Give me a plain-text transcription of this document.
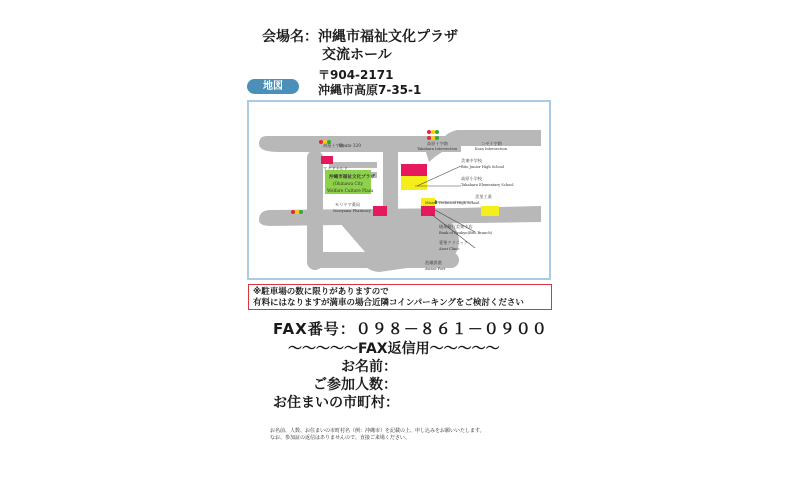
会場名： 沖縄市福祉文化プラザ
交流ホール
〒904-2171
地図	沖縄市高原7-35-1
胡屋十字路
Route 329	高原十字路
Takahara Intersection
コザ十字路
Koza Intersection
マクドナルド
沖縄市福祉文化プラザ
(Okinawa City
Welfare Culture Plaza
美東中学校
Bito Junior High School
高原小学校
Takahara Elementary School
モリヤマ薬局
Moriyama Pharmacy
美里工業
Misato Technical High School
琉球銀行美東支店
Bank of Ryukyu(Bito Branch)
愛聖クリニック
Aisei Clinic
泡瀬漁港
Awase Port
※駐車場の数に限りがありますので
有料にはなりますが満車の場合近隣コインパーキングをご検討ください
FAX番号：０９８－８６１－０９００
～～～～～FAX返信用～～～～～
お名前：
ご参加人数：
お住まいの市町村：
お名前、人数、お住まいの市町村名（例：沖縄市）を記載の上、申し込みをお願いいたします。
なお、参加証の返信はありませんので、直接ご来場ください。
